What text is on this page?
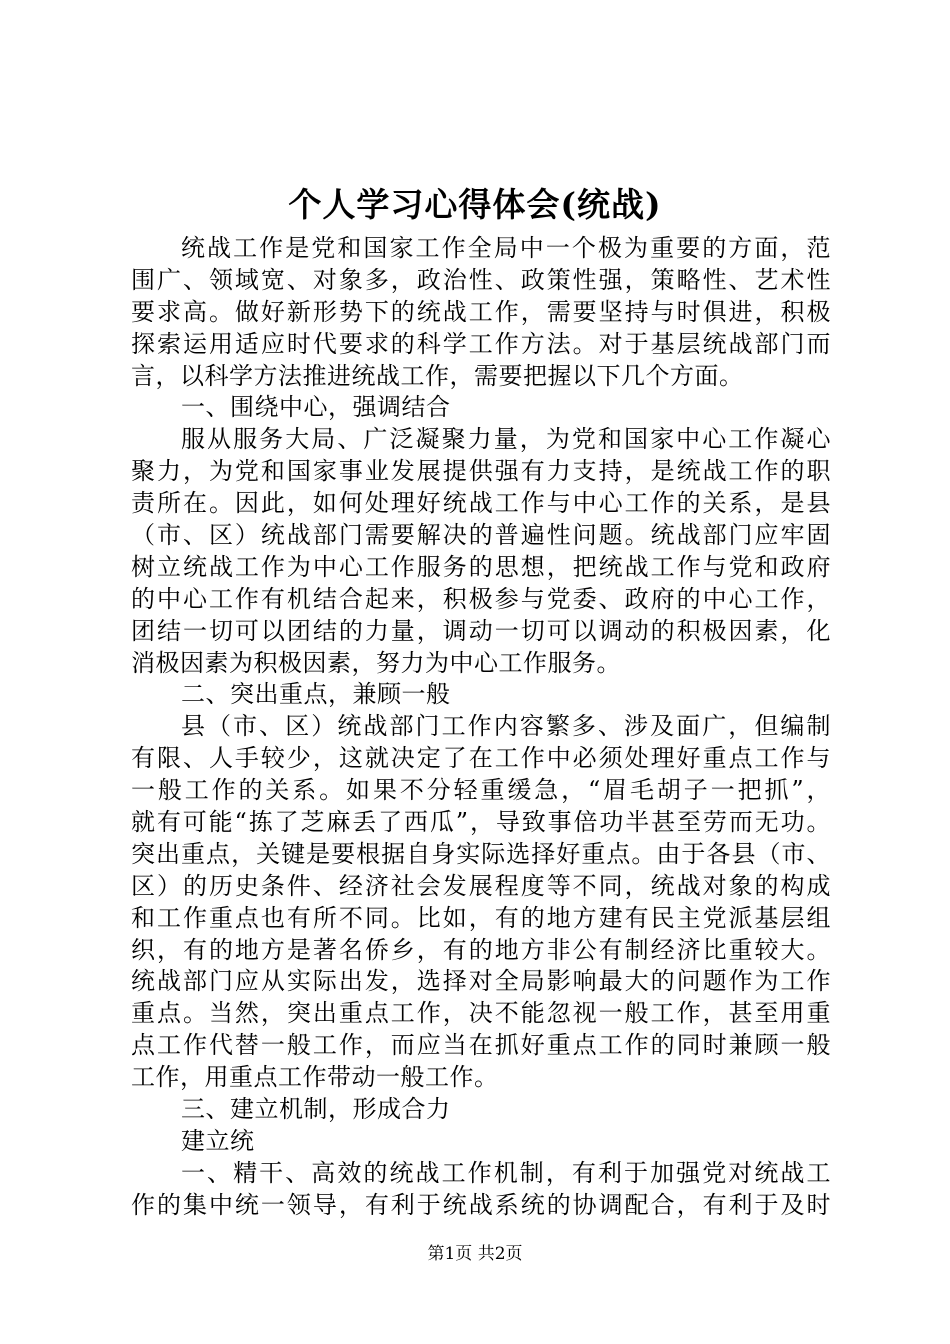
个人学习心得体会(统战)
统战工作是党和国家工作全局中一个极为重要的方面，范
围广、领域宽、对象多，政治性、政策性强，策略性、艺术性
要求高。做好新形势下的统战工作，需要坚持与时俱进，积极
探索运用适应时代要求的科学工作方法。对于基层统战部门而
言，以科学方法推进统战工作，需要把握以下几个方面。
一、围绕中心，强调结合
服从服务大局、广泛凝聚力量，为党和国家中心工作凝心
聚力，为党和国家事业发展提供强有力支持，是统战工作的职
责所在。因此，如何处理好统战工作与中心工作的关系，是县
（市、区）统战部门需要解决的普遍性问题。统战部门应牢固
树立统战工作为中心工作服务的思想，把统战工作与党和政府
的中心工作有机结合起来，积极参与党委、政府的中心工作，
团结一切可以团结的力量，调动一切可以调动的积极因素，化
消极因素为积极因素，努力为中心工作服务。
二、突出重点，兼顾一般
县（市、区）统战部门工作内容繁多、涉及面广，但编制
有限、人手较少，这就决定了在工作中必须处理好重点工作与
一般工作的关系。如果不分轻重缓急，“眉毛胡子一把抓”，
就有可能“拣了芝麻丢了西瓜”，导致事倍功半甚至劳而无功。
突出重点，关键是要根据自身实际选择好重点。由于各县（市、
区）的历史条件、经济社会发展程度等不同，统战对象的构成
和工作重点也有所不同。比如，有的地方建有民主党派基层组
织，有的地方是著名侨乡，有的地方非公有制经济比重较大。
统战部门应从实际出发，选择对全局影响最大的问题作为工作
重点。当然，突出重点工作，决不能忽视一般工作，甚至用重
点工作代替一般工作，而应当在抓好重点工作的同时兼顾一般
工作，用重点工作带动一般工作。
三、建立机制，形成合力
建立统
一、精干、高效的统战工作机制，有利于加强党对统战工
作的集中统一领导，有利于统战系统的协调配合，有利于及时
第1页 共2页
